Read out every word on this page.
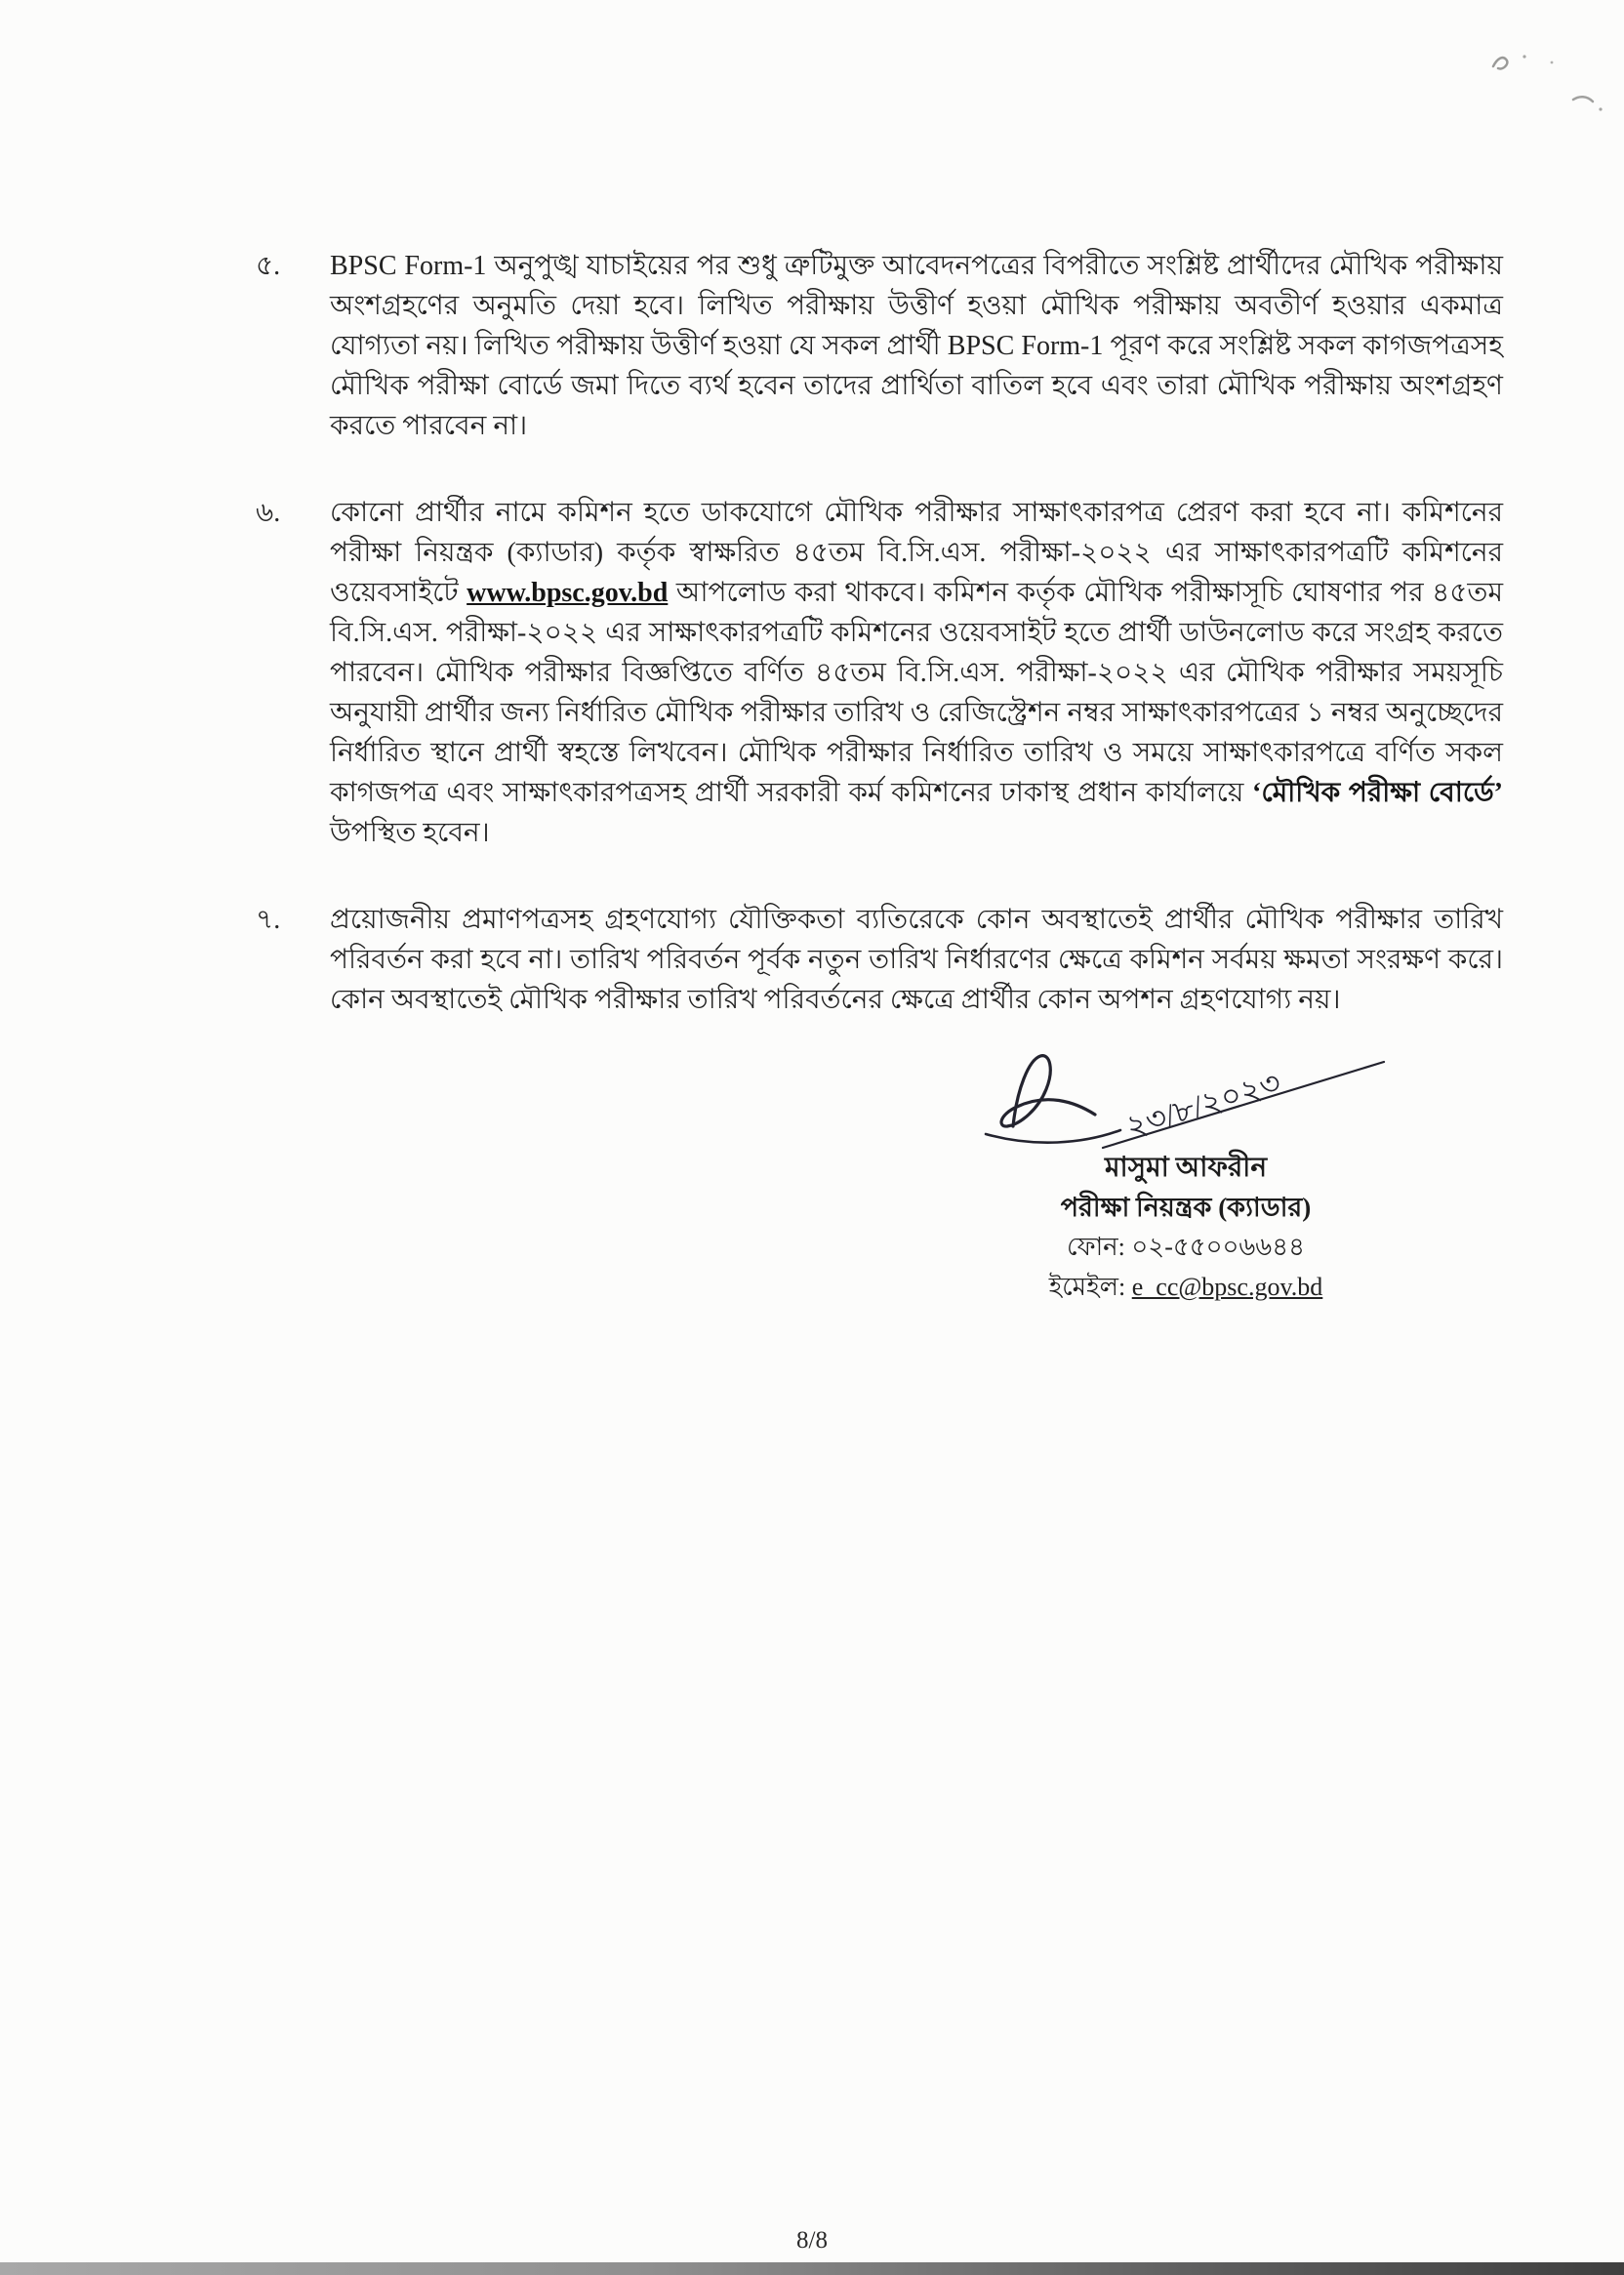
৫.	BPSC Form-1 অনুপুঙ্খ যাচাইয়ের পর শুধু ত্রুটিমুক্ত আবেদনপত্রের বিপরীতে সংশ্লিষ্ট প্রার্থীদের মৌখিক পরীক্ষায় অংশগ্রহণের অনুমতি দেয়া হবে। লিখিত পরীক্ষায় উত্তীর্ণ হওয়া মৌখিক পরীক্ষায় অবতীর্ণ হওয়ার একমাত্র যোগ্যতা নয়। লিখিত পরীক্ষায় উত্তীর্ণ হওয়া যে সকল প্রার্থী BPSC Form-1 পূরণ করে সংশ্লিষ্ট সকল কাগজপত্রসহ মৌখিক পরীক্ষা বোর্ডে জমা দিতে ব্যর্থ হবেন তাদের প্রার্থিতা বাতিল হবে এবং তারা মৌখিক পরীক্ষায় অংশগ্রহণ করতে পারবেন না।
৬.	কোনো প্রার্থীর নামে কমিশন হতে ডাকযোগে মৌখিক পরীক্ষার সাক্ষাৎকারপত্র প্রেরণ করা হবে না। কমিশনের পরীক্ষা নিয়ন্ত্রক (ক্যাডার) কর্তৃক স্বাক্ষরিত ৪৫তম বি.সি.এস. পরীক্ষা-২০২২ এর সাক্ষাৎকারপত্রটি কমিশনের ওয়েবসাইটে www.bpsc.gov.bd আপলোড করা থাকবে। কমিশন কর্তৃক মৌখিক পরীক্ষাসূচি ঘোষণার পর ৪৫তম বি.সি.এস. পরীক্ষা-২০২২ এর সাক্ষাৎকারপত্রটি কমিশনের ওয়েবসাইট হতে প্রার্থী ডাউনলোড করে সংগ্রহ করতে পারবেন। মৌখিক পরীক্ষার বিজ্ঞপ্তিতে বর্ণিত ৪৫তম বি.সি.এস. পরীক্ষা-২০২২ এর মৌখিক পরীক্ষার সময়সূচি অনুযায়ী প্রার্থীর জন্য নির্ধারিত মৌখিক পরীক্ষার তারিখ ও রেজিস্ট্রেশন নম্বর সাক্ষাৎকারপত্রের ১ নম্বর অনুচ্ছেদের নির্ধারিত স্থানে প্রার্থী স্বহস্তে লিখবেন। মৌখিক পরীক্ষার নির্ধারিত তারিখ ও সময়ে সাক্ষাৎকারপত্রে বর্ণিত সকল কাগজপত্র এবং সাক্ষাৎকারপত্রসহ প্রার্থী সরকারী কর্ম কমিশনের ঢাকাস্থ প্রধান কার্যালয়ে ‘মৌখিক পরীক্ষা বোর্ডে’ উপস্থিত হবেন।
৭.	প্রয়োজনীয় প্রমাণপত্রসহ গ্রহণযোগ্য যৌক্তিকতা ব্যতিরেকে কোন অবস্থাতেই প্রার্থীর মৌখিক পরীক্ষার তারিখ পরিবর্তন করা হবে না। তারিখ পরিবর্তন পূর্বক নতুন তারিখ নির্ধারণের ক্ষেত্রে কমিশন সর্বময় ক্ষমতা সংরক্ষণ করে। কোন অবস্থাতেই মৌখিক পরীক্ষার তারিখ পরিবর্তনের ক্ষেত্রে প্রার্থীর কোন অপশন গ্রহণযোগ্য নয়।
২৩/৮/২০২৩
মাসুমা আফরীন
পরীক্ষা নিয়ন্ত্রক (ক্যাডার)
ফোন: ০২-৫৫০০৬৬৪৪
ইমেইল: e_cc@bpsc.gov.bd
8/8
